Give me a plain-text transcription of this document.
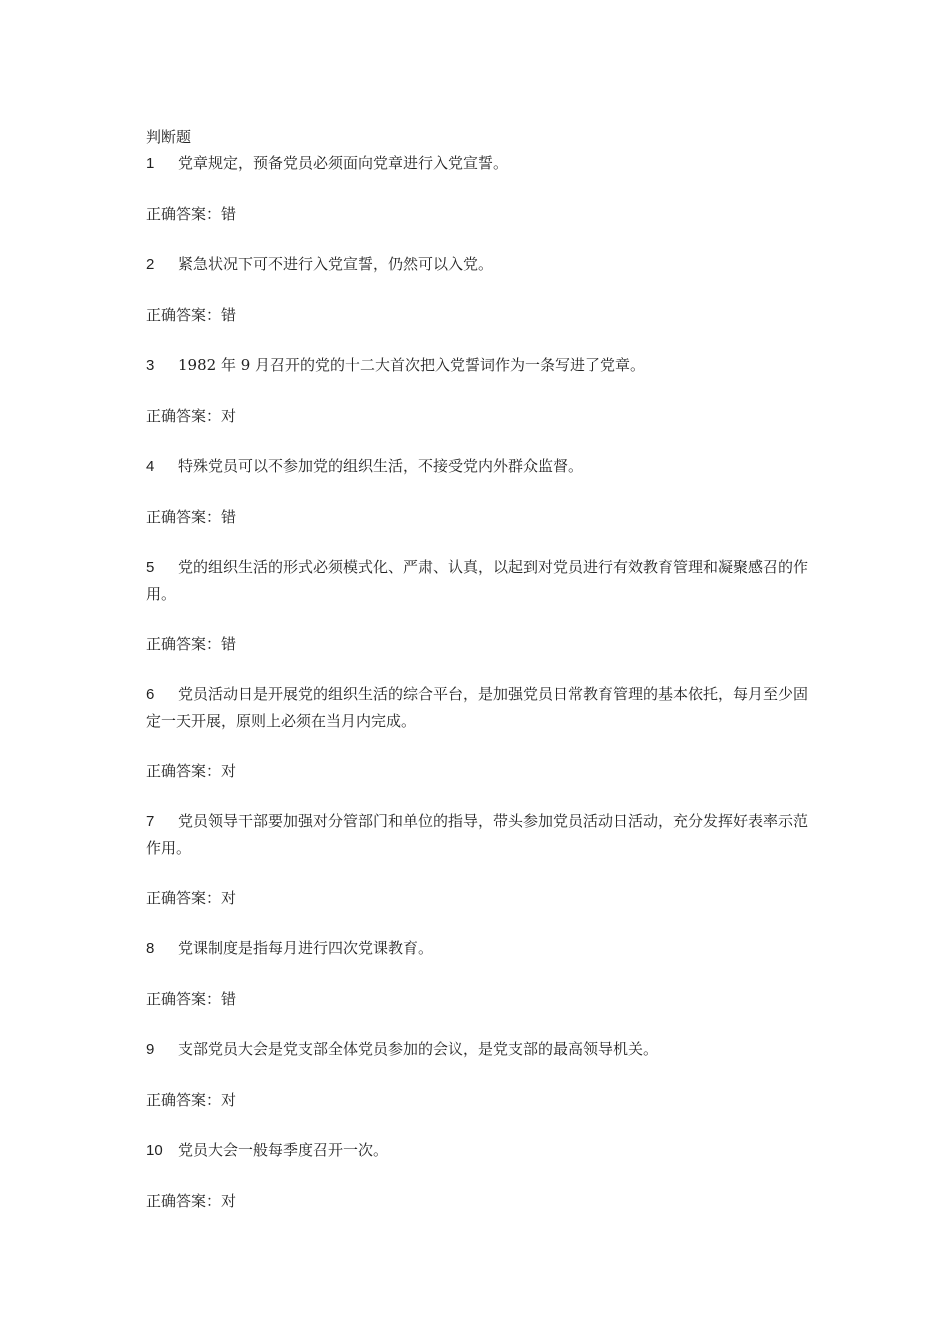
判断题

1 党章规定，预备党员必须面向党章进行入党宣誓。

正确答案：错

2 紧急状况下可不进行入党宣誓，仍然可以入党。

正确答案：错

3 1982 年 9 月召开的党的十二大首次把入党誓词作为一条写进了党章。

正确答案：对

4 特殊党员可以不参加党的组织生活，不接受党内外群众监督。

正确答案：错

5 党的组织生活的形式必须模式化、严肃、认真，以起到对党员进行有效教育管理和凝聚感召的作用。

正确答案：错

6 党员活动日是开展党的组织生活的综合平台，是加强党员日常教育管理的基本依托，每月至少固定一天开展，原则上必须在当月内完成。

正确答案：对

7 党员领导干部要加强对分管部门和单位的指导，带头参加党员活动日活动，充分发挥好表率示范作用。

正确答案：对

8 党课制度是指每月进行四次党课教育。

正确答案：错

9 支部党员大会是党支部全体党员参加的会议，是党支部的最高领导机关。

正确答案：对

10 党员大会一般每季度召开一次。

正确答案：对
